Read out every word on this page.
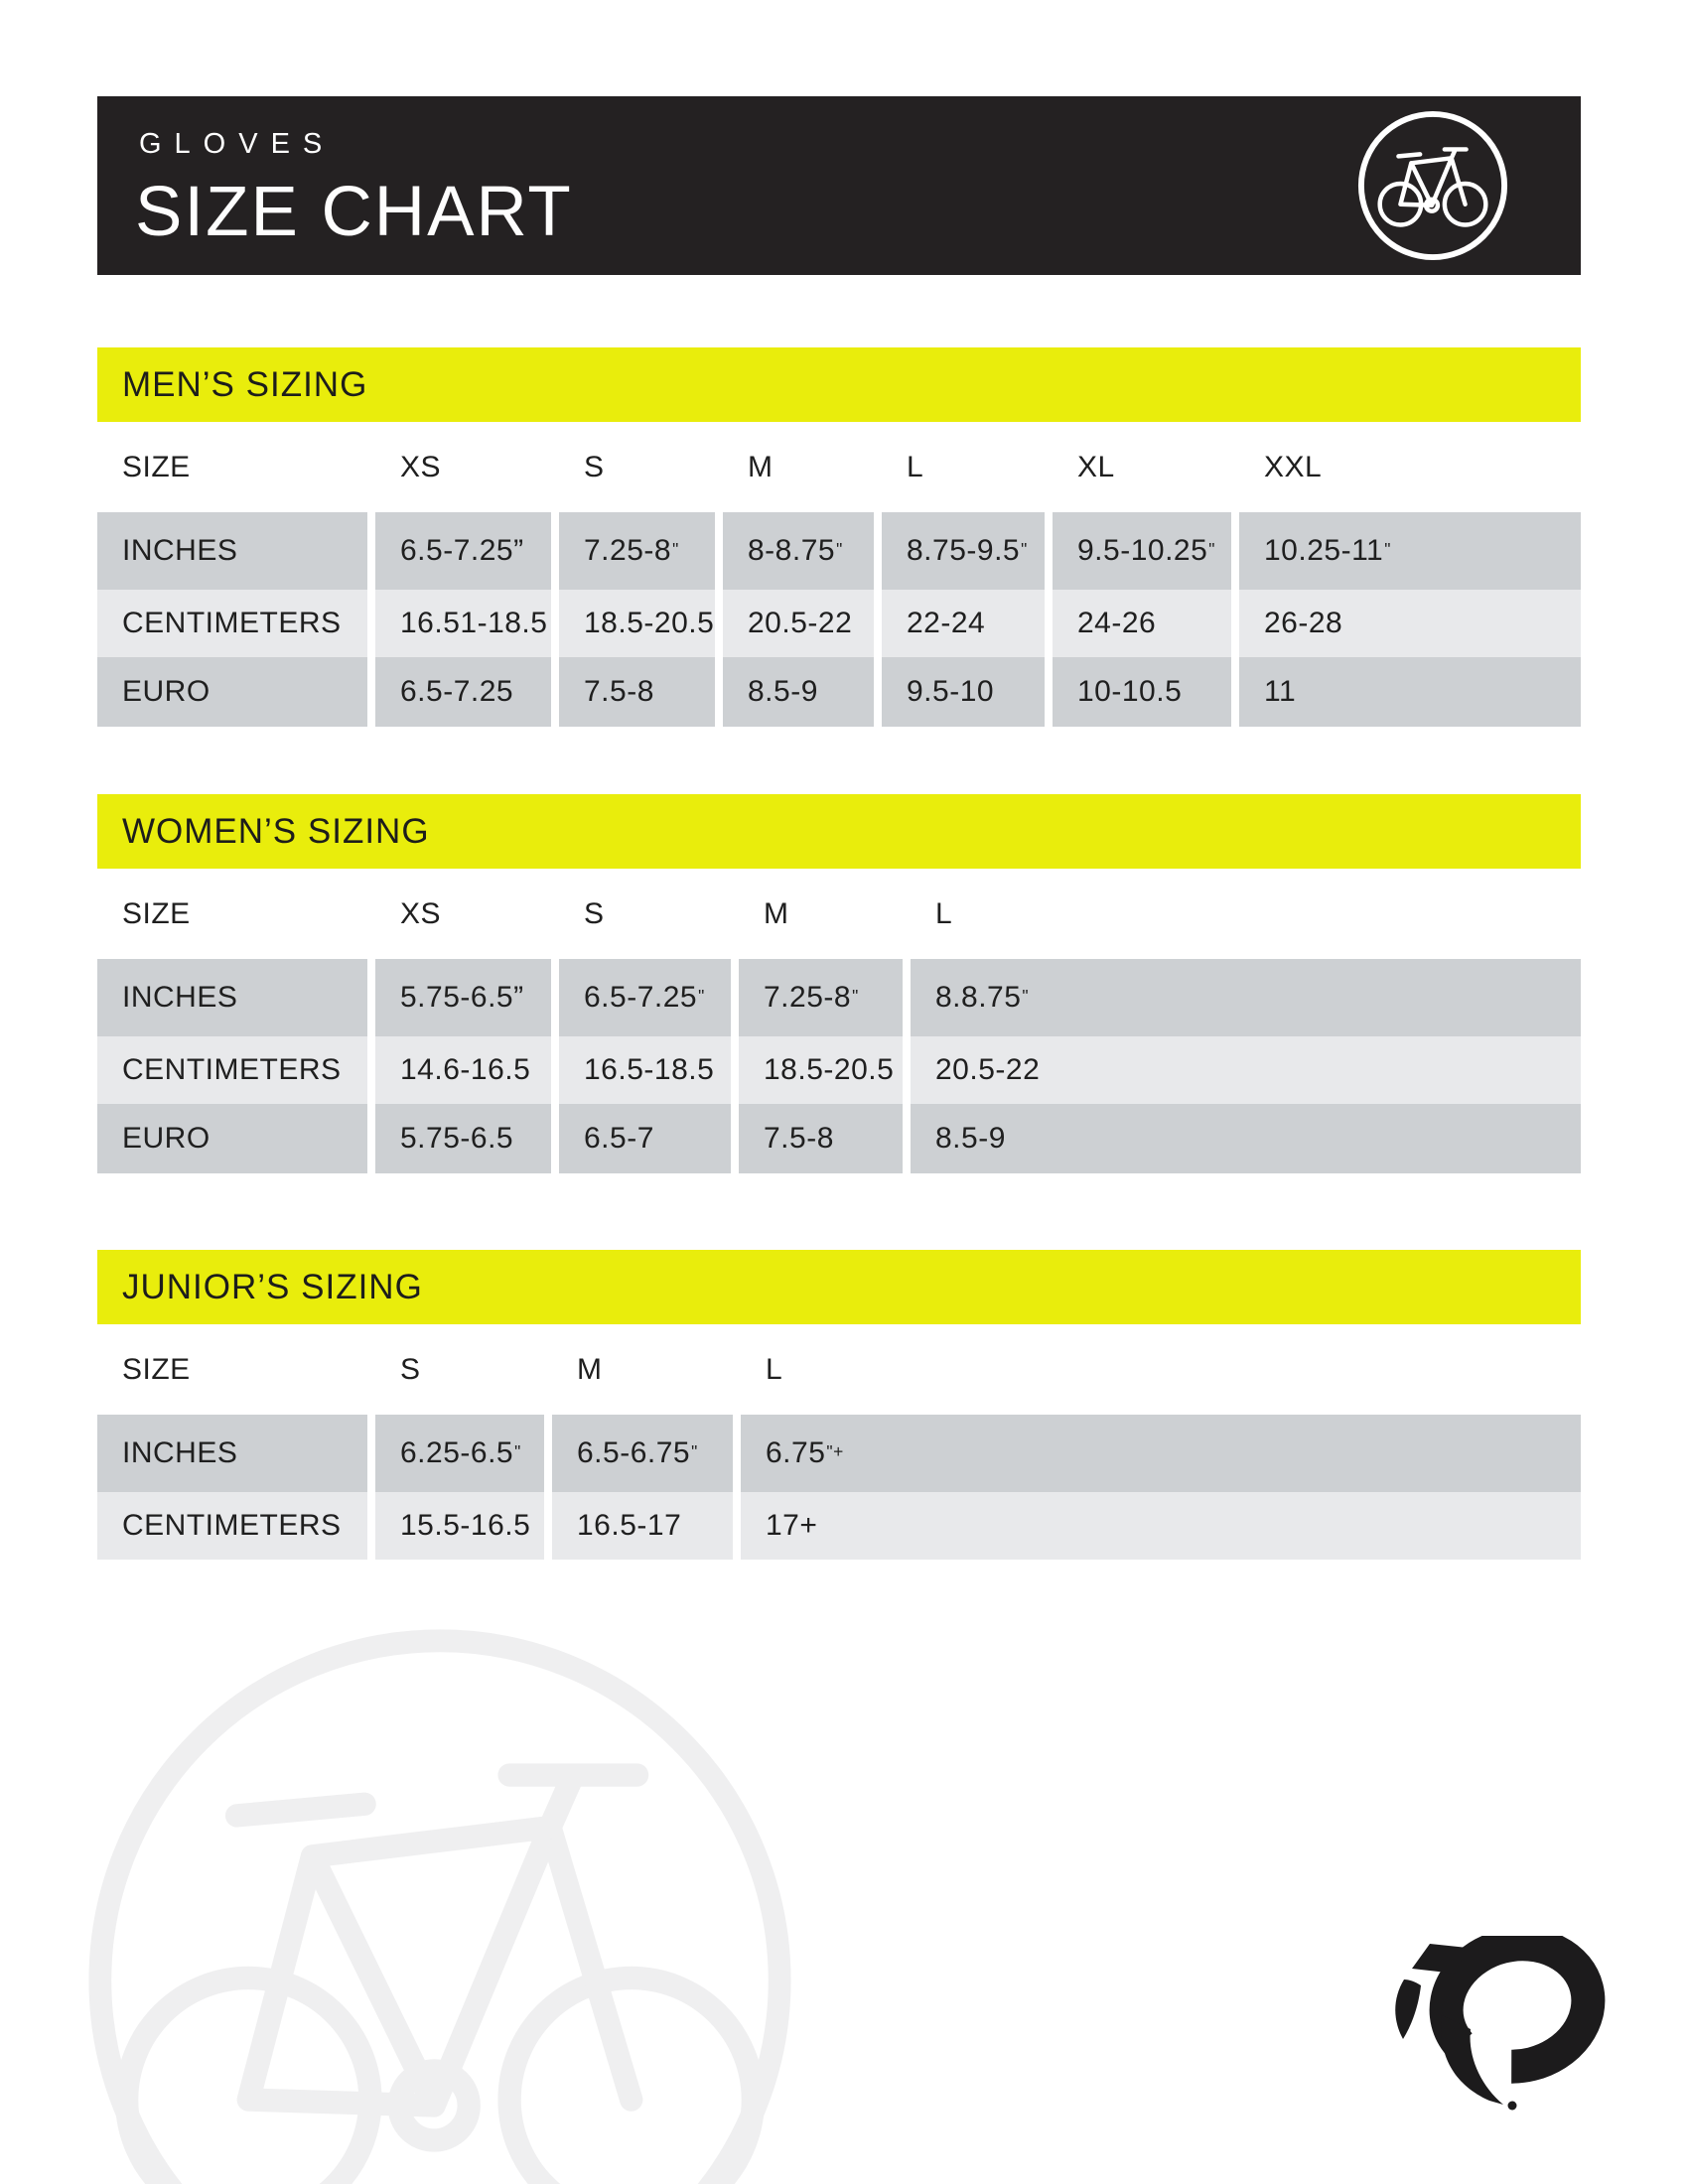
GLOVES
SIZE CHART
MEN’S SIZING
SIZE	XS	S	M	L	XL	XXL
INCHES	6.5-7.25”	7.25-8"	8-8.75"	8.75-9.5"	9.5-10.25"	10.25-11"
CENTIMETERS	16.51-18.5	18.5-20.5	20.5-22	22-24	24-26	26-28
EURO	6.5-7.25	7.5-8	8.5-9	9.5-10	10-10.5	11
WOMEN’S SIZING
SIZE	XS	S	M	L
INCHES	5.75-6.5”	6.5-7.25"	7.25-8"	8.8.75"
CENTIMETERS	14.6-16.5	16.5-18.5	18.5-20.5	20.5-22
EURO	5.75-6.5	6.5-7	7.5-8	8.5-9
JUNIOR’S SIZING
SIZE	S	M	L
INCHES	6.25-6.5"	6.5-6.75"	6.75"+
CENTIMETERS	15.5-16.5	16.5-17	17+
